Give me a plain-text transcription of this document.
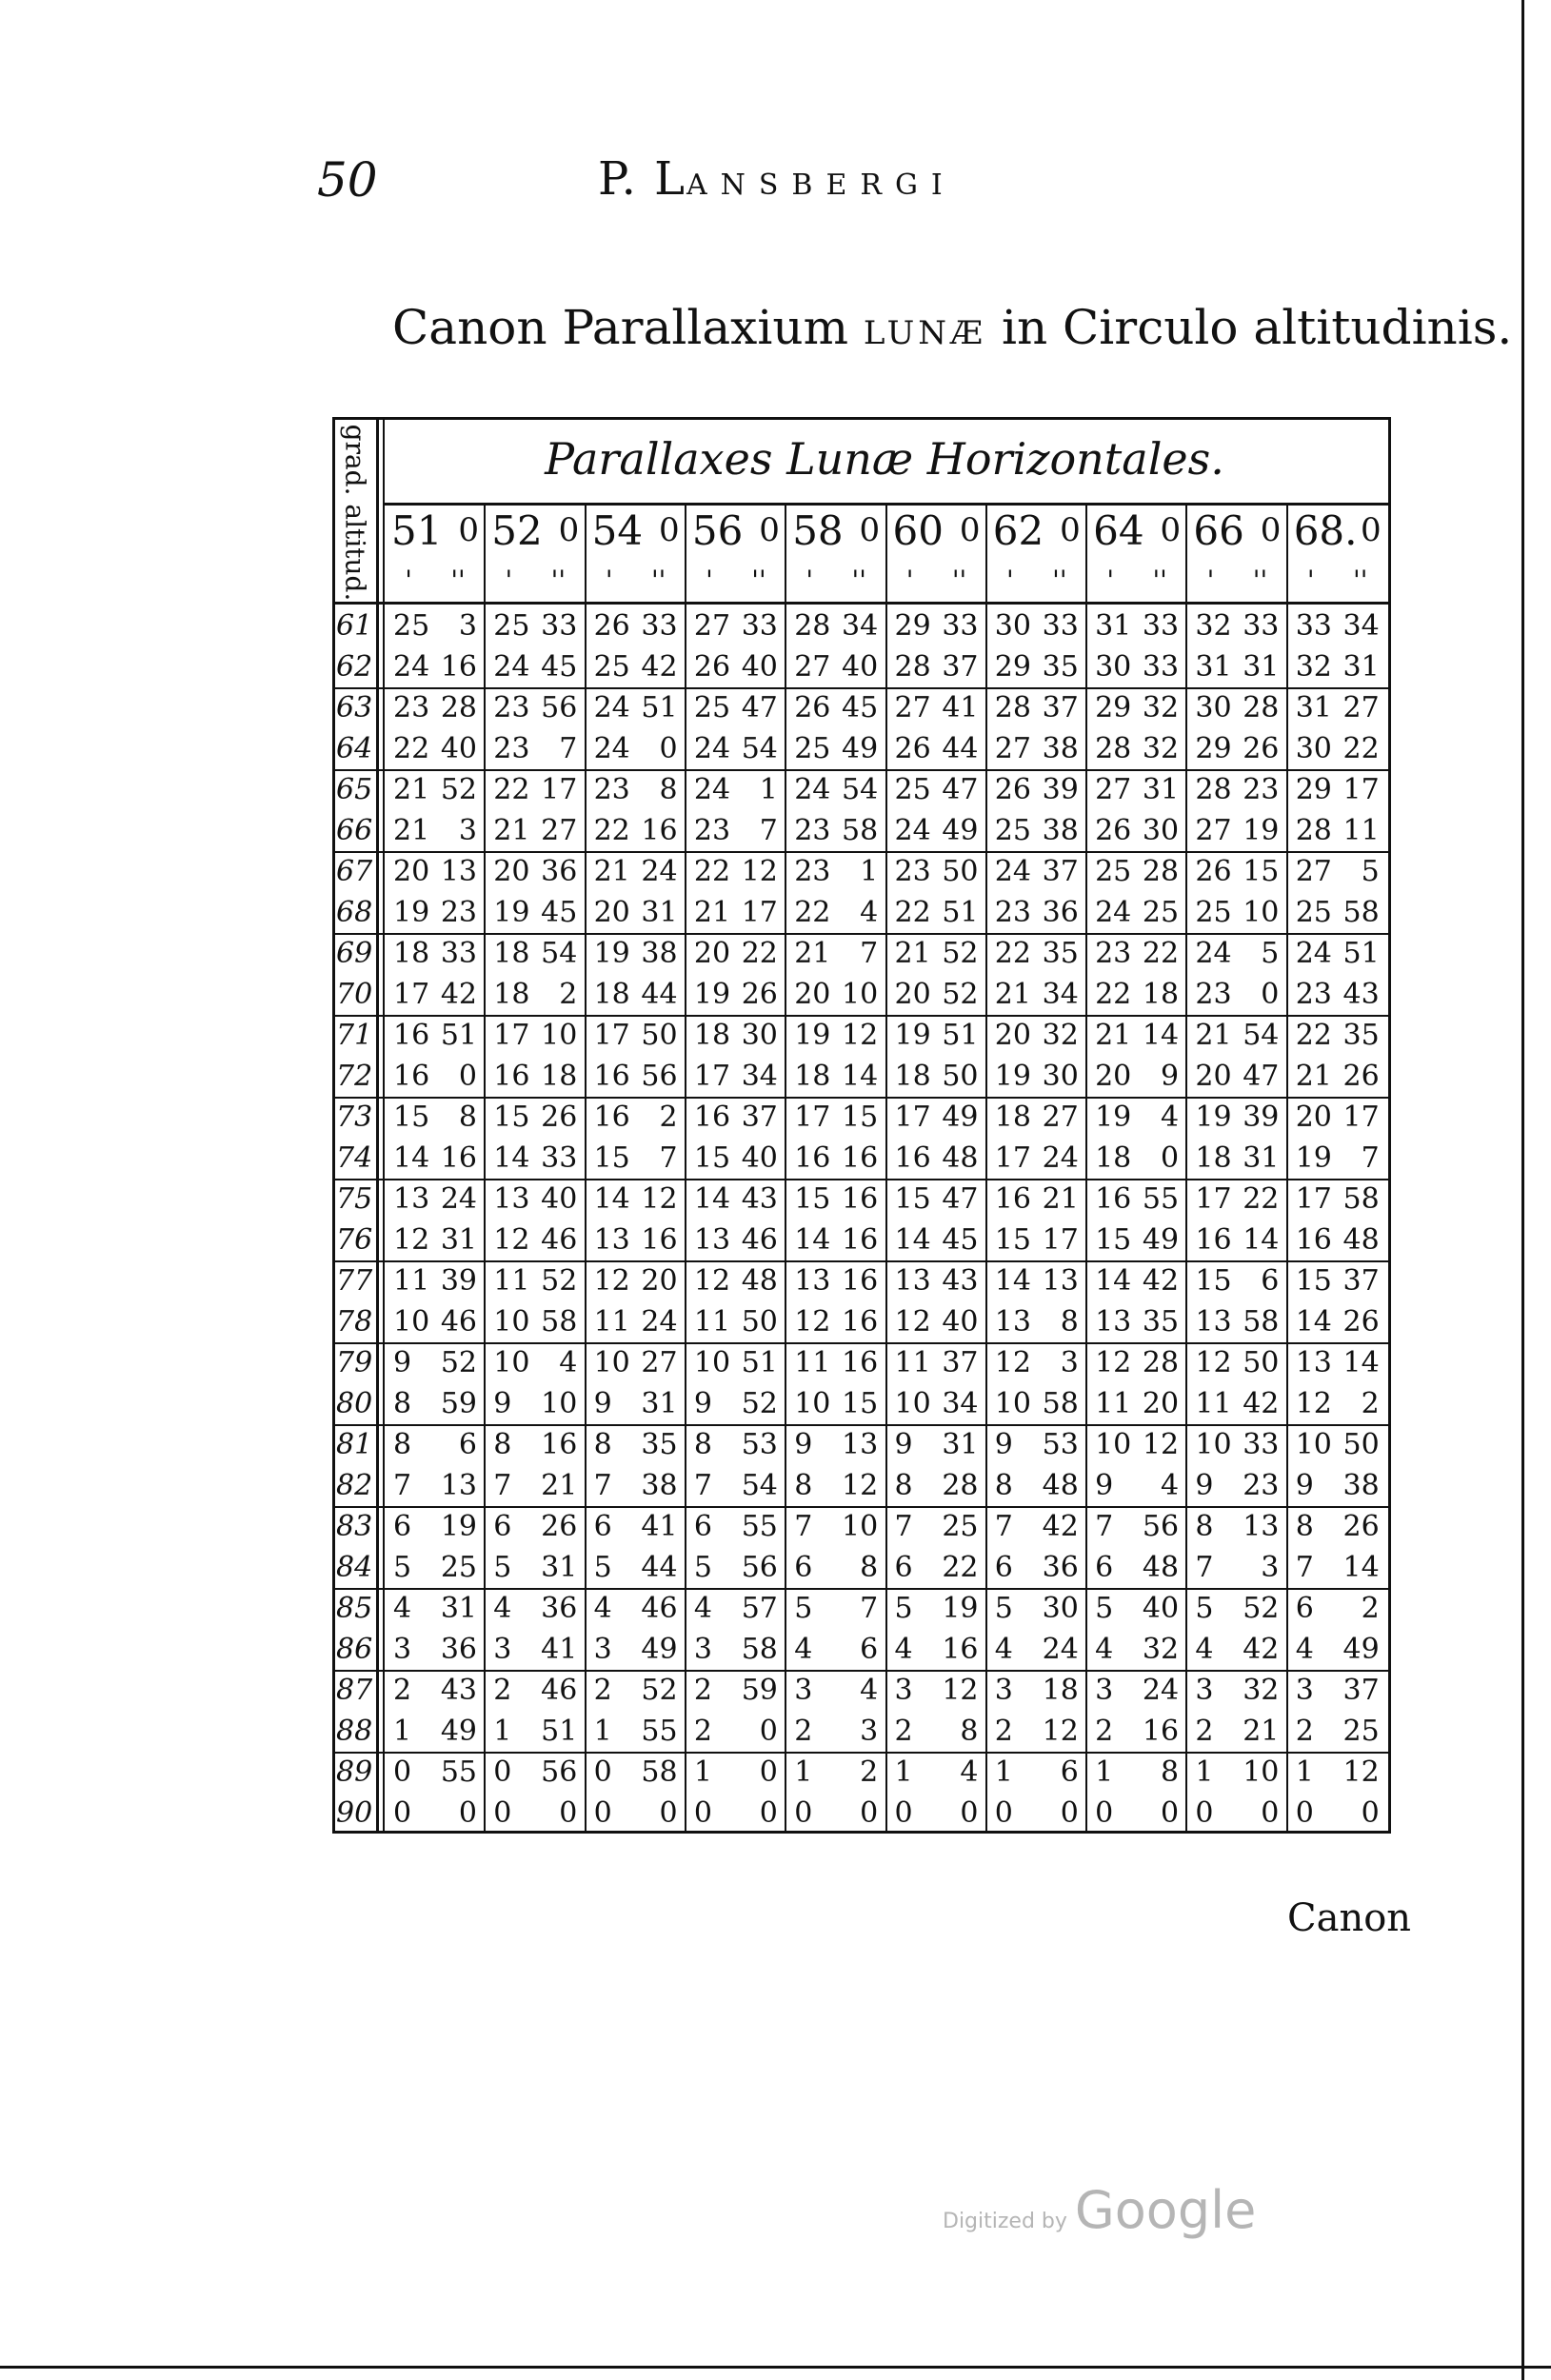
50	P. LANSBERGI
Canon Parallaxium LUNÆ in Circulo altitudinis.
grad. altitud.	Parallaxes Lunæ Horizontales.
51 0
' ''
52 0
' ''
54 0
' ''
56 0
' ''
58 0
' ''
60 0
' ''
62 0
' ''
64 0
' ''
66 0
' ''
68. 0
' ''
61 25 3 25 33 26 33 27 33 28 34 29 33 30 33 31 33 32 33 33 34
62 24 16 24 45 25 42 26 40 27 40 28 37 29 35 30 33 31 31 32 31
63 23 28 23 56 24 51 25 47 26 45 27 41 28 37 29 32 30 28 31 27
64 22 40 23 7 24 0 24 54 25 49 26 44 27 38 28 32 29 26 30 22
65 21 52 22 17 23 8 24 1 24 54 25 47 26 39 27 31 28 23 29 17
66 21 3 21 27 22 16 23 7 23 58 24 49 25 38 26 30 27 19 28 11
67 20 13 20 36 21 24 22 12 23 1 23 50 24 37 25 28 26 15 27 5
68 19 23 19 45 20 31 21 17 22 4 22 51 23 36 24 25 25 10 25 58
69 18 33 18 54 19 38 20 22 21 7 21 52 22 35 23 22 24 5 24 51
70 17 42 18 2 18 44 19 26 20 10 20 52 21 34 22 18 23 0 23 43
71 16 51 17 10 17 50 18 30 19 12 19 51 20 32 21 14 21 54 22 35
72 16 0 16 18 16 56 17 34 18 14 18 50 19 30 20 9 20 47 21 26
73 15 8 15 26 16 2 16 37 17 15 17 49 18 27 19 4 19 39 20 17
74 14 16 14 33 15 7 15 40 16 16 16 48 17 24 18 0 18 31 19 7
75 13 24 13 40 14 12 14 43 15 16 15 47 16 21 16 55 17 22 17 58
76 12 31 12 46 13 16 13 46 14 16 14 45 15 17 15 49 16 14 16 48
77 11 39 11 52 12 20 12 48 13 16 13 43 14 13 14 42 15 6 15 37
78 10 46 10 58 11 24 11 50 12 16 12 40 13 8 13 35 13 58 14 26
79 9 52 10 4 10 27 10 51 11 16 11 37 12 3 12 28 12 50 13 14
80 8 59 9 10 9 31 9 52 10 15 10 34 10 58 11 20 11 42 12 2
81 8 6 8 16 8 35 8 53 9 13 9 31 9 53 10 12 10 33 10 50
82 7 13 7 21 7 38 7 54 8 12 8 28 8 48 9 4 9 23 9 38
83 6 19 6 26 6 41 6 55 7 10 7 25 7 42 7 56 8 13 8 26
84 5 25 5 31 5 44 5 56 6 8 6 22 6 36 6 48 7 3 7 14
85 4 31 4 36 4 46 4 57 5 7 5 19 5 30 5 40 5 52 6 2
86 3 36 3 41 3 49 3 58 4 6 4 16 4 24 4 32 4 42 4 49
87 2 43 2 46 2 52 2 59 3 4 3 12 3 18 3 24 3 32 3 37
88 1 49 1 51 1 55 2 0 2 3 2 8 2 12 2 16 2 21 2 25
89 0 55 0 56 0 58 1 0 1 2 1 4 1 6 1 8 1 10 1 12
90 0 0 0 0 0 0 0 0 0 0 0 0 0 0 0 0 0 0 0 0
Canon
Digitized by Google
